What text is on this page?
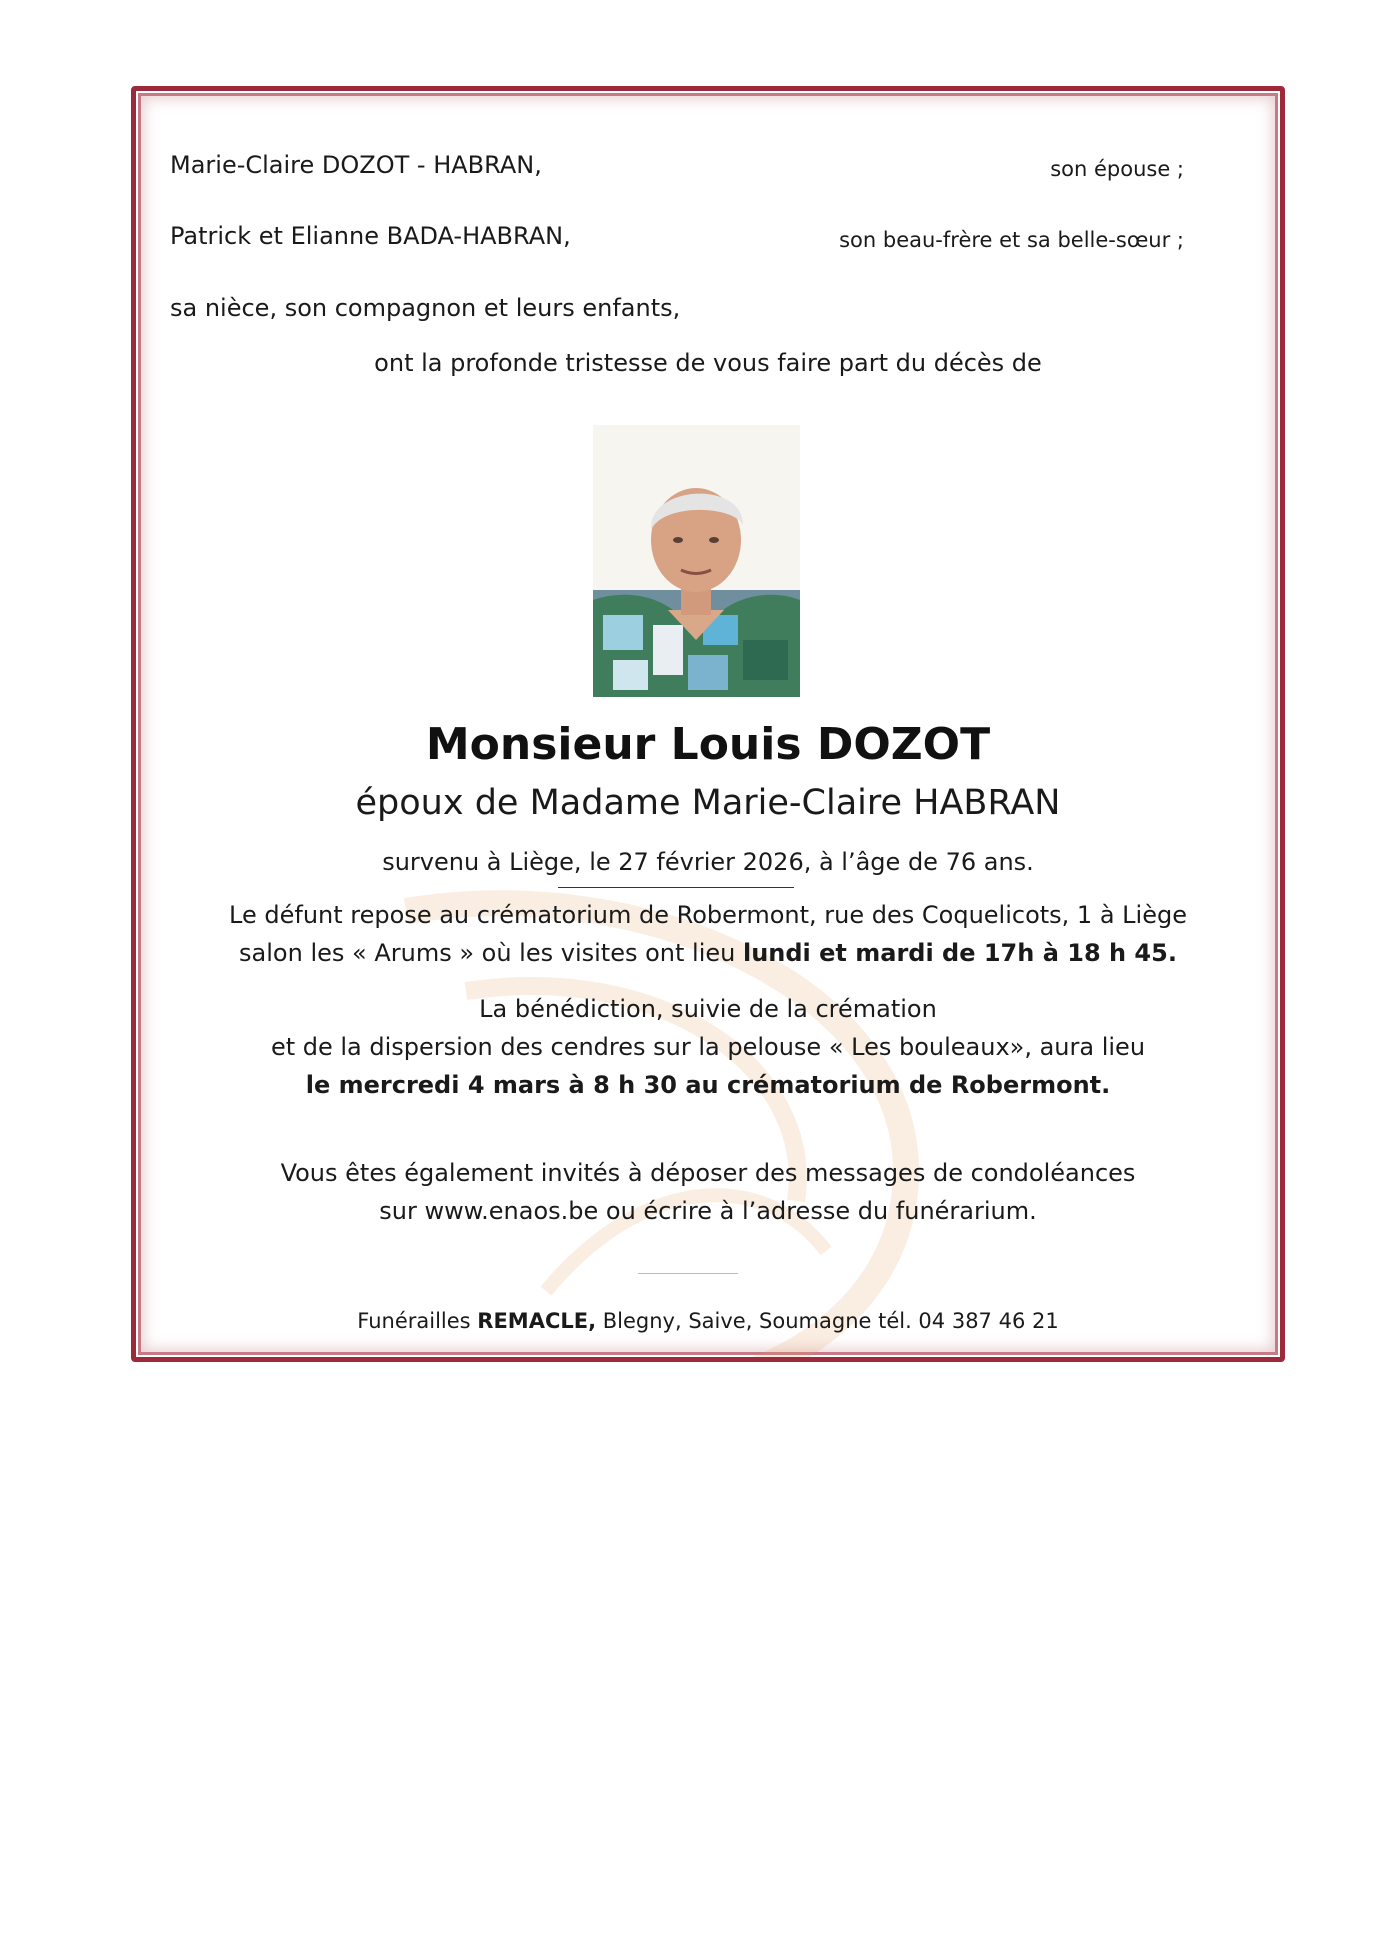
Marie-Claire DOZOT - HABRAN,	son épouse ;
Patrick et Elianne BADA-HABRAN,	son beau-frère et sa belle-sœur ;
sa nièce, son compagnon et leurs enfants,
ont la profonde tristesse de vous faire part du décès de
Monsieur Louis DOZOT
époux de Madame Marie-Claire HABRAN
survenu à Liège, le 27 février 2026, à l’âge de 76 ans.
Le défunt repose au crématorium de Robermont, rue des Coquelicots, 1 à Liège
salon les « Arums » où les visites ont lieu lundi et mardi de 17h à 18 h 45.
La bénédiction, suivie de la crémation
et de la dispersion des cendres sur la pelouse « Les bouleaux», aura lieu
le mercredi 4 mars à 8 h 30 au crématorium de Robermont.
Vous êtes également invités à déposer des messages de condoléances
sur www.enaos.be ou écrire à l’adresse du funérarium.
Funérailles REMACLE, Blegny, Saive, Soumagne tél. 04 387 46 21
